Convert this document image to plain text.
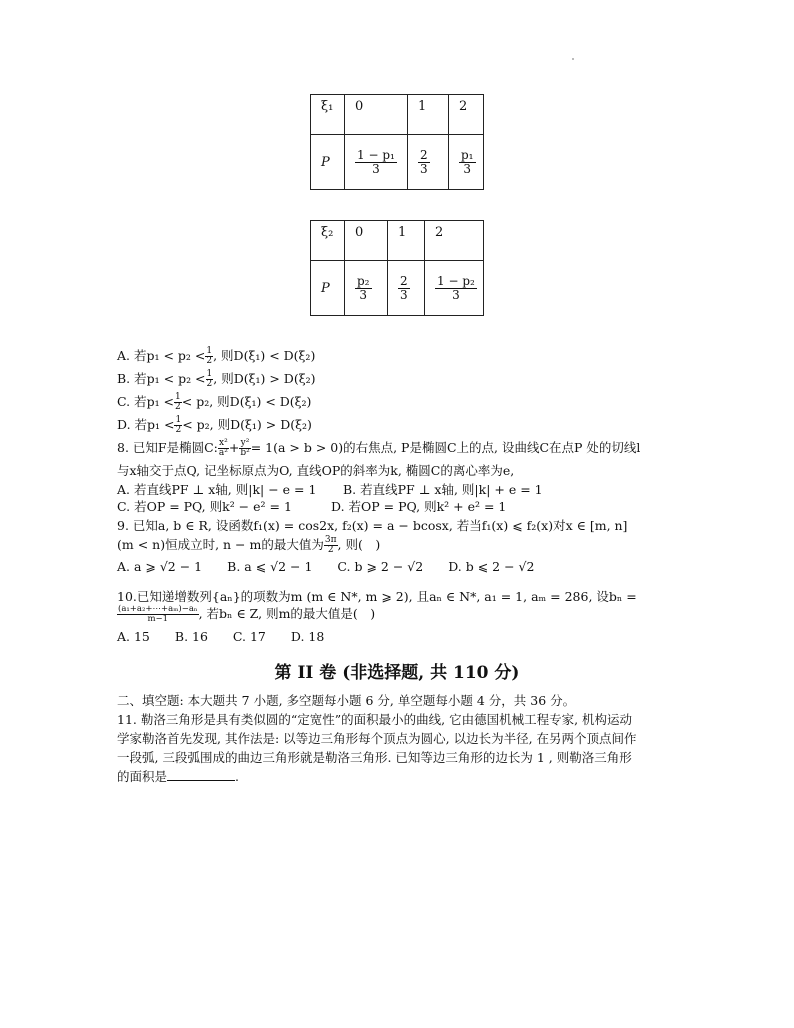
ξ₁	0	1	2
P	$\frac{\text{1 − p₁}}{3}$	$\frac{2}{3}$	$\frac{\text{p₁}}{3}$
ξ₂	0	1	2
P	$\frac{\text{p₂}}{3}$	$\frac{2}{3}$	$\frac{\text{1 − p₂}}{3}$
A. 若$p_1 < p_2 < \frac{1}{2}$ , 则D(ξ₁) < D(ξ₂)
B. 若$p_1 < p_2 < \frac{1}{2}$ , 则D(ξ₁) > D(ξ₂)
C. 若$p_1 < \frac{1}{2} < p_2$, 则D(ξ₁) < D(ξ₂)
D. 若$p_1 < \frac{1}{2} < p_2$, 则D(ξ₁) > D(ξ₂)
8. 已知F是椭圆C: $\frac{\text{x²}}{\text{a²}} + \frac{\text{y²}}{\text{b²}} = 1(a > b > 0)$的右焦点, P是椭圆C上的点, 设曲线C在点P 处的切线l
与x轴交于点Q, 记坐标原点为O, 直线OP的斜率为k, 椭圆C的离心率为e,
A. 若直线PF ⊥ x轴, 则|k| − e = 1 B. 若直线PF ⊥ x轴, 则|k| + e = 1
C. 若OP = PQ, 则k² − e² = 1	D. 若OP = PQ, 则k² + e² = 1
9. 已知a, b ∈ R, 设函数f₁(x) = cos2x, f₂(x) = a − bcosx, 若当f₁(x) ⩽ f₂(x)对x ∈ [m, n]
(m < n)恒成立时, n − m的最大值为 $\frac{3\pi}{2}$ , 则(　)
A. a ⩾ √2 − 1　　B. a ⩽ √2 − 1　　C. b ⩾ 2 − √2　　D. b ⩽ 2 − √2
10.已知递增数列{aₙ}的项数为m (m ∈ N*, m ⩾ 2), 且aₙ ∈ N*, a₁ = 1, aₘ = 286, 设bₙ =
$\frac{\text{(a₁+a₂+⋯+aₘ)−aₙ}}{m-1}$ , 若bₙ ∈ Z, 则m的最大值是(　)
A. 15　　B. 16　　C. 17　　D. 18
第 II 卷 (非选择题, 共 110 分)
二、填空题: 本大题共 7 小题, 多空题每小题 6 分, 单空题每小题 4 分，共 36 分。
11. 勒洛三角形是具有类似圆的“定宽性”的面积最小的曲线, 它由德国机械工程专家, 机构运动
学家勒洛首先发现, 其作法是: 以等边三角形每个顶点为圆心, 以边长为半径, 在另两个顶点间作
一段弧, 三段弧围成的曲边三角形就是勒洛三角形. 已知等边三角形的边长为 1 , 则勒洛三角形
的面积是	.
